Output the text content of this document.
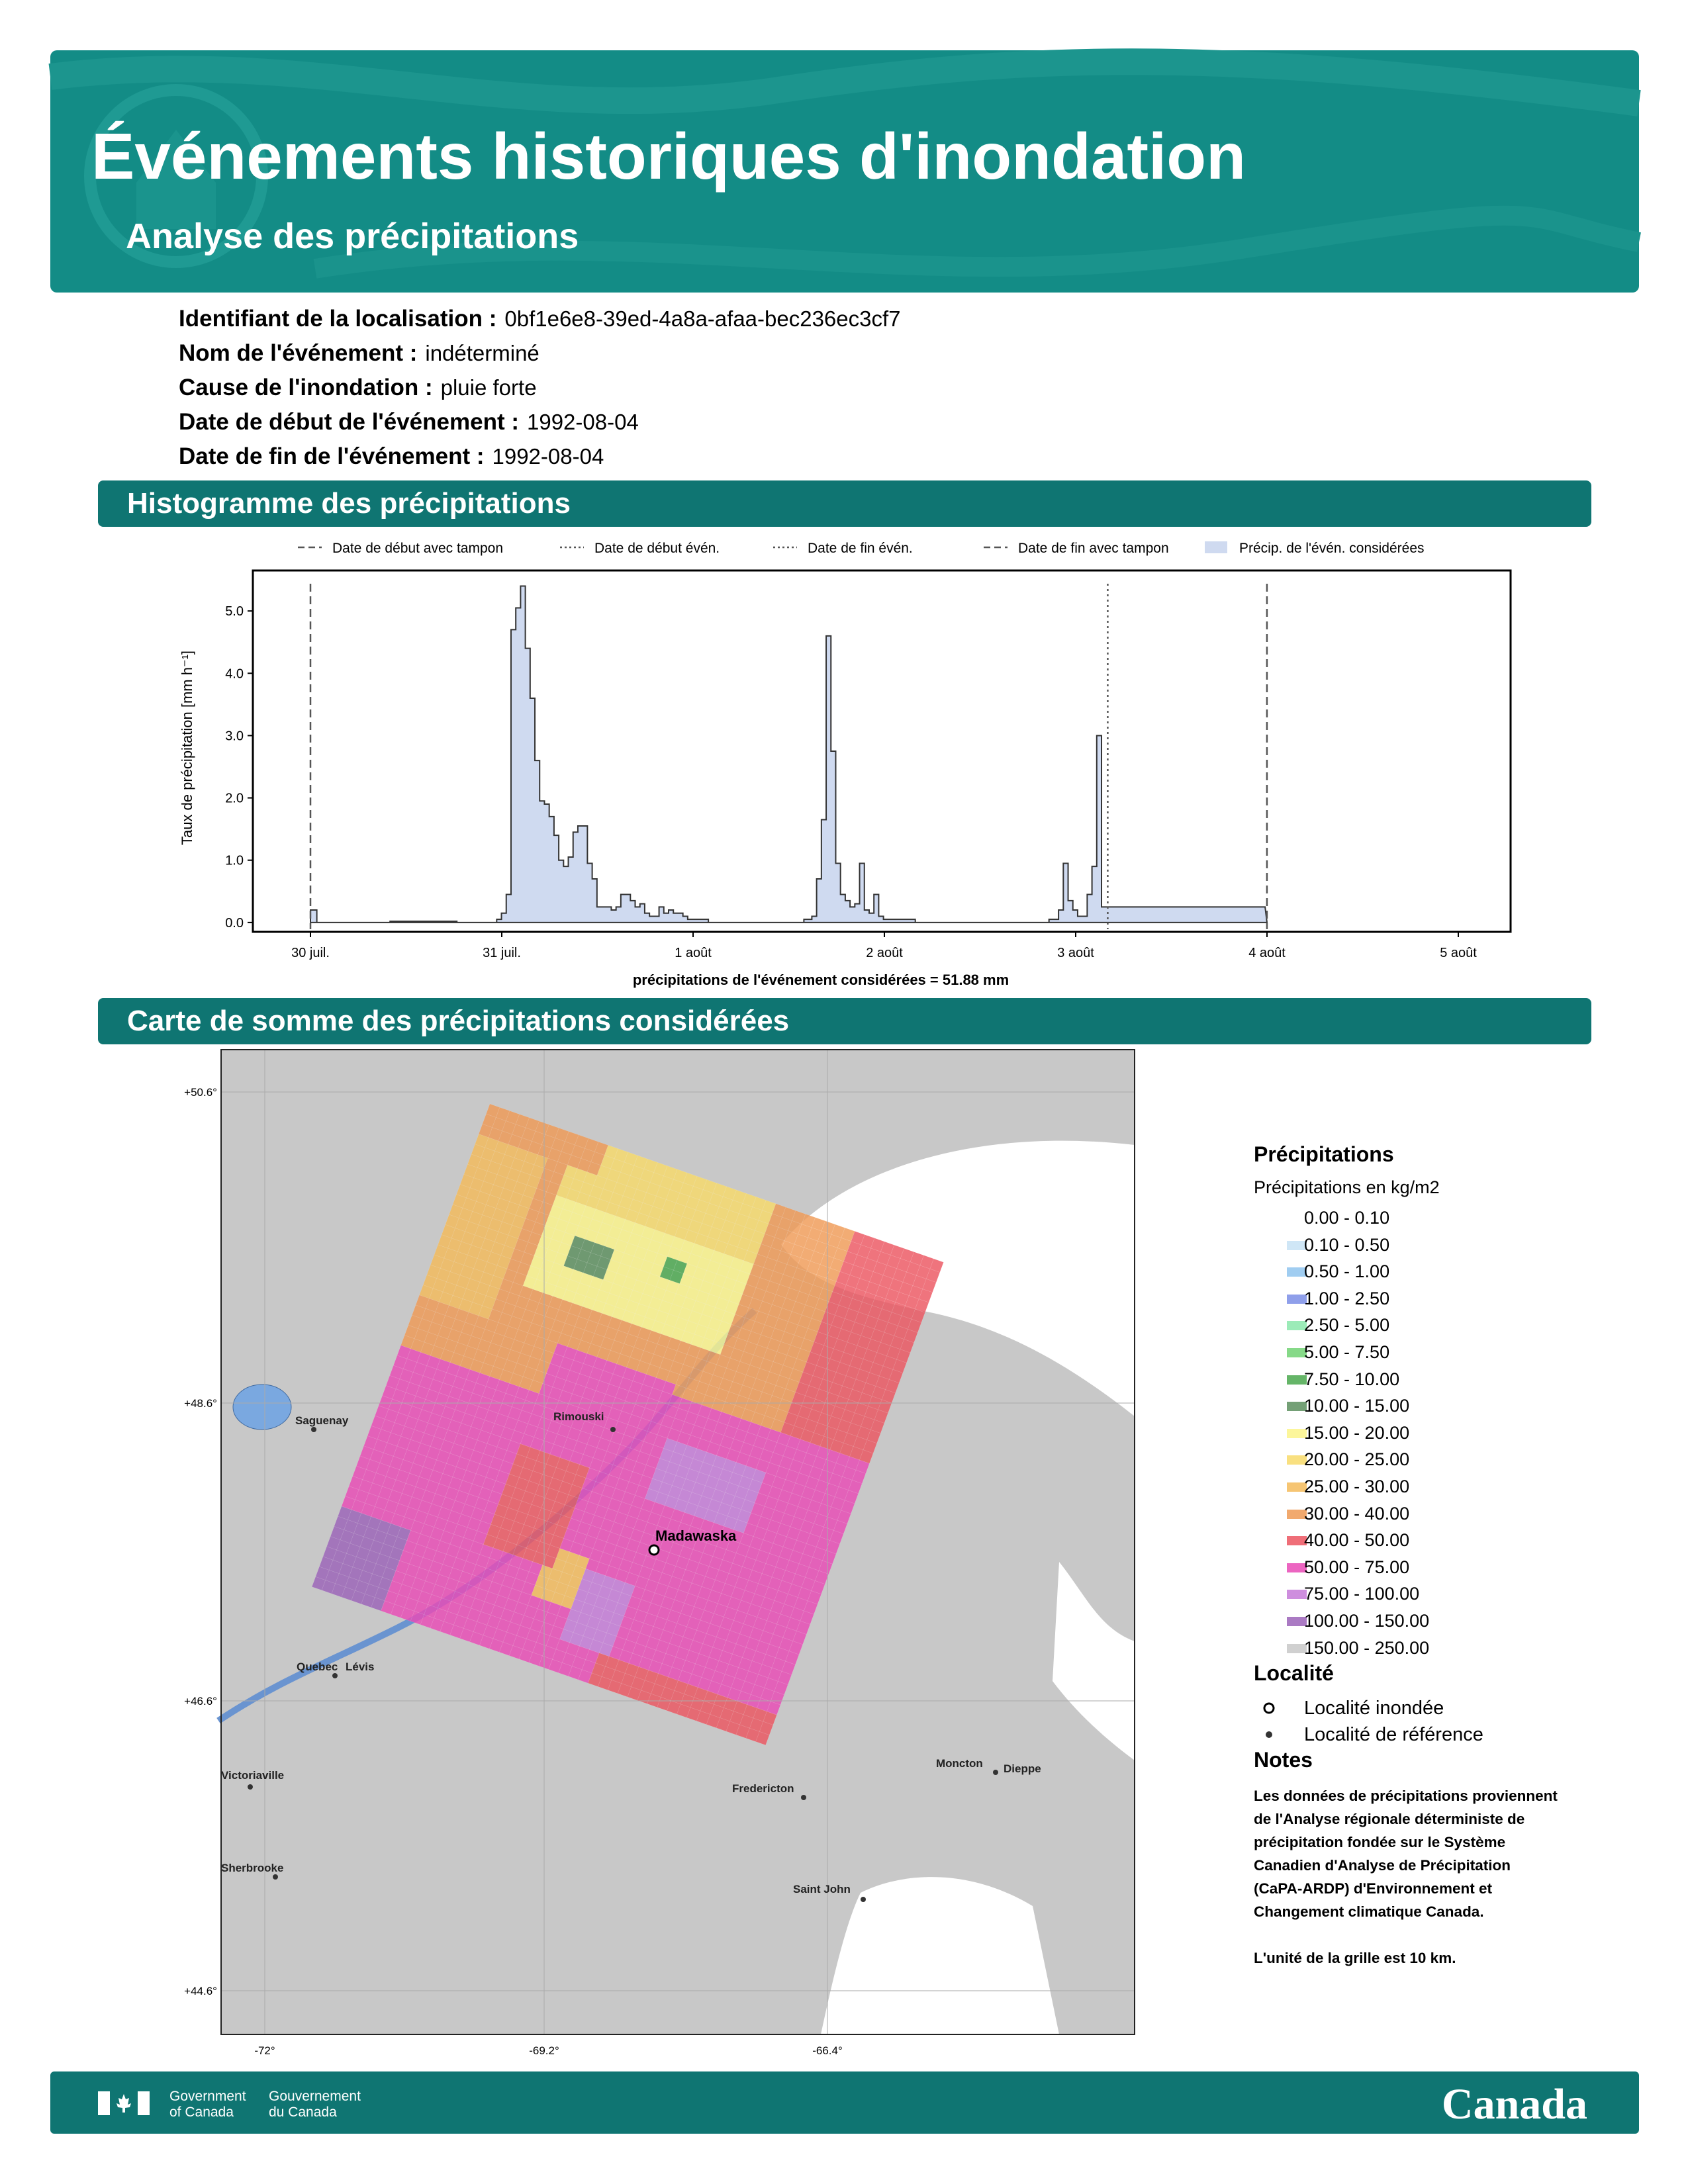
Événements historiques d'inondation
Analyse des précipitations
Identifiant de la localisation : 0bf1e6e8-39ed-4a8a-afaa-bec236ec3cf7
Nom de l'événement : indéterminé
Cause de l'inondation : pluie forte
Date de début de l'événement : 1992-08-04
Date de fin de l'événement : 1992-08-04
Histogramme des précipitations
Date de début avec tampon	Date de début évén.	Date de fin évén.	Date de fin avec tampon	Précip. de l'évén. considérées
0.0
1.0
2.0
3.0
4.0
5.0
30 juil.	31 juil.	1 août	2 août	3 août	4 août	5 août
Taux de précipitation [mm h⁻¹]
précipitations de l'événement considérées = 51.88 mm
Carte de somme des précipitations considérées
+50.6°
+48.6°
+46.6°
+44.6°
-72°	-69.2°	-66.4°
Saguenay	Rimouski
Madawaska
Quebec Lévis
Victoriaville
Fredericton
Moncton Dieppe
Sherbrooke
Saint John
Précipitations
Précipitations en kg/m2
0.00 - 0.10
0.10 - 0.50
0.50 - 1.00
1.00 - 2.50
2.50 - 5.00
5.00 - 7.50
7.50 - 10.00
10.00 - 15.00
15.00 - 20.00
20.00 - 25.00
25.00 - 30.00
30.00 - 40.00
40.00 - 50.00
50.00 - 75.00
75.00 - 100.00
100.00 - 150.00
150.00 - 250.00
Localité
Localité inondée
Localité de référence
Notes
Les données de précipitations proviennent
de l'Analyse régionale déterministe de
précipitation fondée sur le Système
Canadien d'Analyse de Précipitation
(CaPA-ARDP) d'Environnement et
Changement climatique Canada.
L'unité de la grille est 10 km.
Government
of Canada
Gouvernement
du Canada	Canada
